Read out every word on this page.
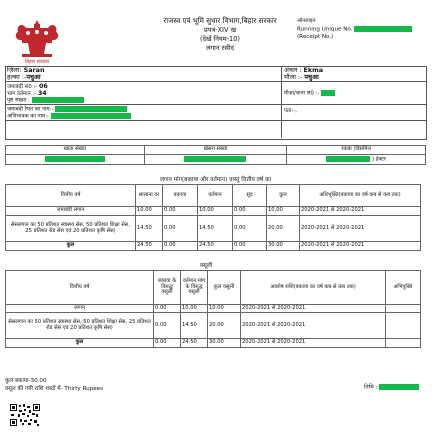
बिहार सरकार
राजस्व एवं भूमि सुधार विभाग,बिहार सरकार
प्रपत्र-XIV ख
(देखें नियम-10)
लगान रसीद
ऑनलाइन
Running Unique No.
(Receipt No.)
ज़िला: Saran	अंचल : Ekma
हल्का :-पचुआ	मौजा :- पचुआ
जमाबंदी सं0 :- 06
भाग वर्तमान :- 34
पृष्ठ संख्या :
मौज़ा/थाना सं0 :-
जमाबंदी रैयत का नाम:-
अभिभावक का नाम:-
पता:-,
खाता संख्या	खेसरा संख्या	रकबा (डिसमिल
		) हेक्टर
लगान मांग(बकाया और वर्तमान) वास्तु वित्तीय वर्ष का
वित्तीय वर्ष	सालाना दर	बकाया	वर्तमान	सूद	कुल	अधिभुक्ति(बकाया का वर्ष कब से कब तक)
जमाबंदी लगान	10.00	0.00	10.00	0.00	10.00	2020-2021 से 2020-2021
सेसलगान का 50 प्रतिशत स्वास्थ्य सेस, 50 प्रतिशत शिक्षा सेस, 25 प्रतिशत रोड सेस एवं 20 प्रतिशत कृषि सेस)	14.50	0.00	14.50	0.00	20.00	2020-2021 से 2020-2021
कुल	24.50	0.00	24.50	0.00	30.00	2020-2021 से 2020-2021
वसूली
वित्तीय वर्ष	बकाया के विरुद्ध वसूली	वर्तमान मांग के विरुद्ध वसूली	कुल वसूली	अवशेष राशि(बकाया का वर्ष कब से कब तक)	अभियुक्ति
लगान	0.00	10.00	10.00	2020-2021 से 2020-2021	
सेसलगान का 50 प्रतिशत स्वास्थ्य सेस, 50 प्रतिशत शिक्षा सेस, 25 प्रतिशत रोड सेस एवं 20 प्रतिशत कृषि सेस)	0.00	14.50	20.00	2020-2021 से 2020-2021	
कुल	0.00	24.50	30.00	2020-2021 से 2020-2021	
कुल बकाया-30.00
वसूल की गयी राशि शब्दों में- Thirty Rupees	तिथि :
